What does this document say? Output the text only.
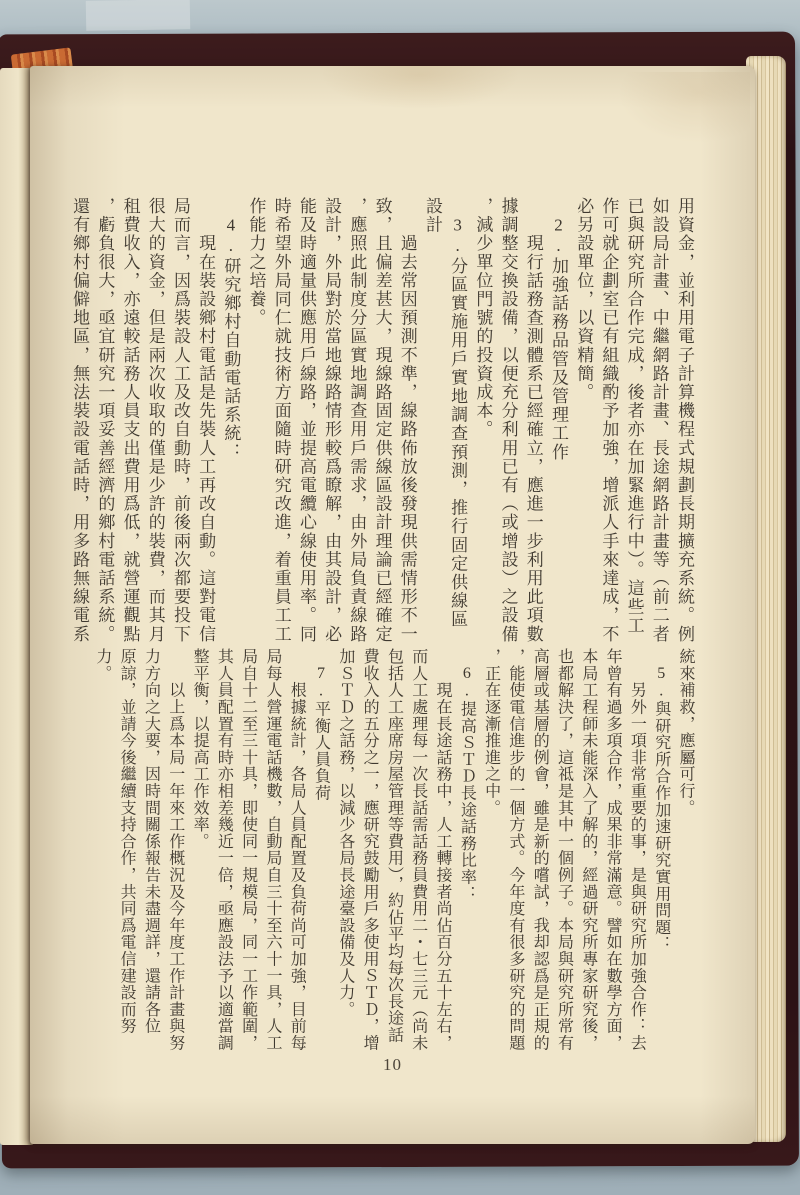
用資金，並利用電子計算機程式規劃長期擴充系統。例
如設局計畫、中繼網路計畫、長途網路計畫等（前二者
已與研究所合作完成，後者亦在加緊進行中）。這些工
作可就企劃室已有組織酌予加強，增派人手來達成，不
必另設單位，以資精簡。
　2.加強話務品管及管理工作
　　現行話務查測體系已經確立，應進一步利用此項數
據調整交換設備，以便充分利用已有（或增設）之設備
，減少單位門號的投資成本。
　3.分區實施用戶實地調查預測，推行固定供線區設計
　　過去常因預測不準，線路佈放後發現供需情形不一
致，且偏差甚大，現線路固定供線區設計理論已經確定
，應照此制度分區實地調查用戶需求，由外局負責線路
設計，外局對於當地線路情形較爲瞭解，由其設計，必
能及時適量供應用戶線路，並提高電纜心線使用率。同
時希望外局同仁就技術方面隨時研究改進，着重員工工
作能力之培養。
　4.研究鄉村自動電話系統：
　　現在裝設鄉村電話是先裝人工再改自動。這對電信
局而言，因爲裝設人工及改自動時，前後兩次都要投下
很大的資金，但是兩次收取的僅是少許的裝費，而其月
租費收入，亦遠較話務人員支出費用爲低，就營運觀點
，虧負很大，亟宜研究一項妥善經濟的鄉村電話系統。
還有鄉村偏僻地區，無法裝設電話時，用多路無線電系
統來補救，應屬可行。
　5.與研究所合作加速研究實用問題：
　　另外一項非常重要的事，是與研究所加強合作：去
年曾有過多項合作，成果非常滿意。譬如在數學方面，
本局工程師未能深入了解的，經過研究所專家研究後，
也都解決了，這祗是其中一個例子。本局與研究所常有
高層或基層的例會，雖是新的嚐試，我却認爲是正規的
，能使電信進步的一個方式。今年度有很多研究的問題
，正在逐漸推進之中。
　6.提高ＳＴＤ長途話務比率：
　　現在長途話務中，人工轉接者尚佔百分五十左右，
而人工處理每一次長話需話務員費用二・七三元（尚未
包括人工座席房屋管理等費用），約佔平均每次長途話
費收入的五分之一，應研究鼓勵用戶多使用ＳＴＤ，增
加ＳＴＤ之話務，以減少各局長途臺設備及人力。
　7.平衡人員負荷
　　根據統計，各局人員配置及負荷尚可加強，目前每
局每人營運電話機數，自動局自三十至六十一具，人工
局自十二至三十具，即使同一規模局，同一工作範圍，
其人員配置有時亦相差幾近一倍，亟應設法予以適當調
整平衡，以提高工作效率。
　　以上爲本局一年來工作概況及今年度工作計畫與努
力方向之大要，因時間關係報告未盡週詳，還請各位
原諒，並請今後繼續支持合作，共同爲電信建設而努
力。
10
